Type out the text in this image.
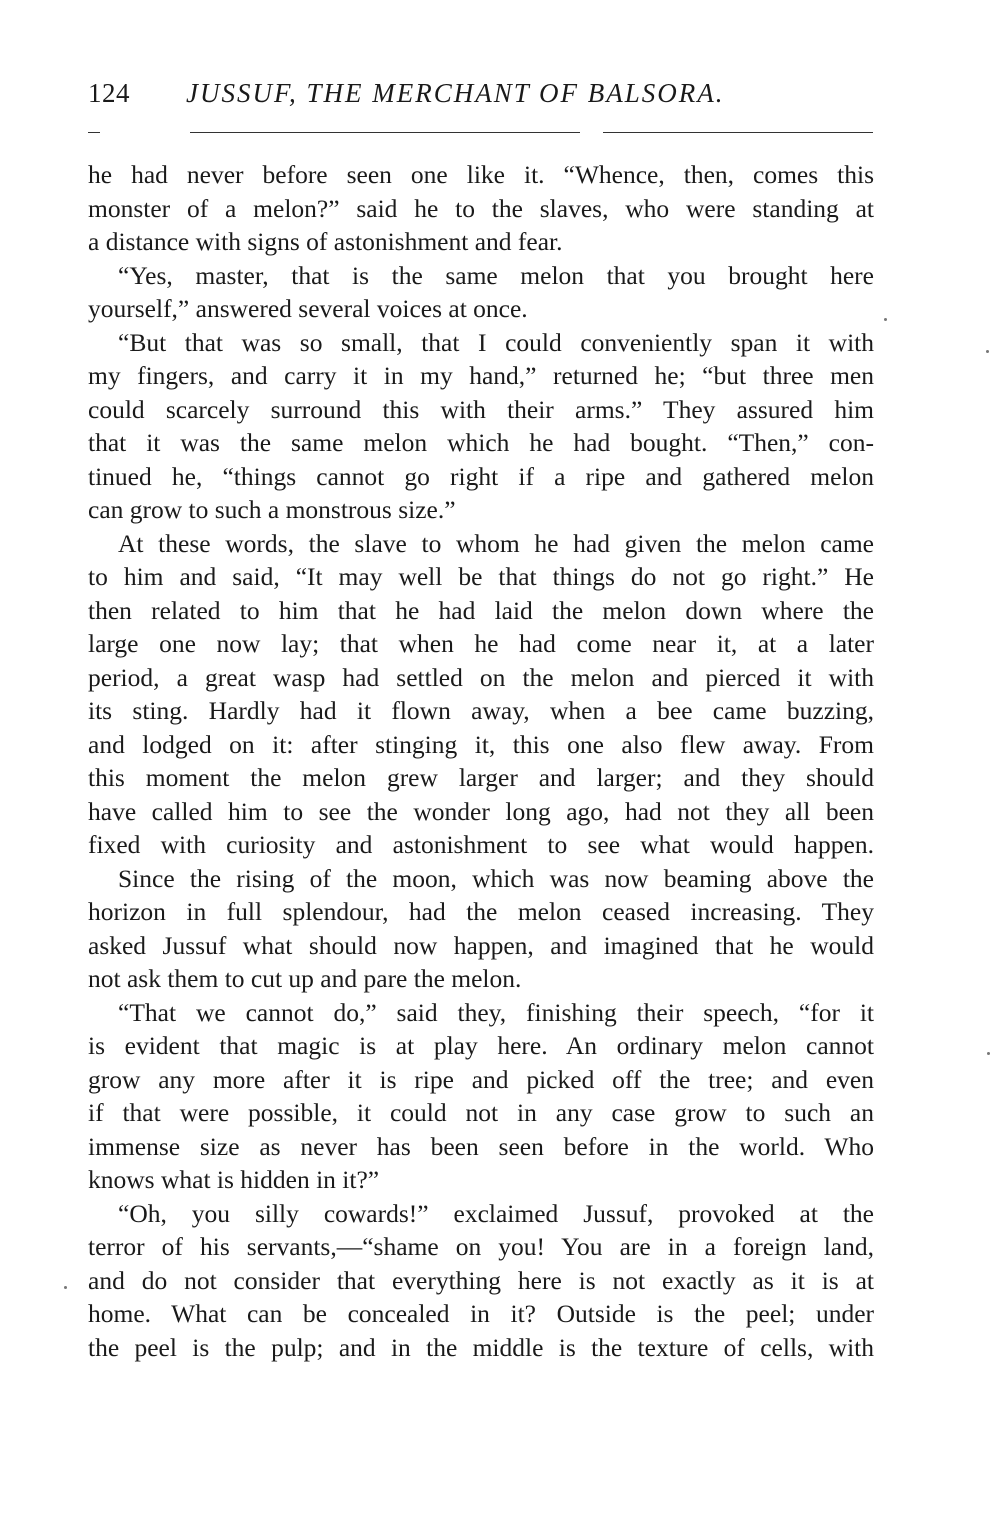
124 JUSSUF, THE MERCHANT OF BALSORA.
he had never before seen one like it. “Whence, then, comes this
monster of a melon?” said he to the slaves, who were standing at
a distance with signs of astonishment and fear.
“Yes, master, that is the same melon that you brought here
yourself,” answered several voices at once.
“But that was so small, that I could conveniently span it with
my fingers, and carry it in my hand,” returned he; “but three men
could scarcely surround this with their arms.” They assured him
that it was the same melon which he had bought. “Then,” con-
tinued he, “things cannot go right if a ripe and gathered melon
can grow to such a monstrous size.”
At these words, the slave to whom he had given the melon came
to him and said, “It may well be that things do not go right.” He
then related to him that he had laid the melon down where the
large one now lay; that when he had come near it, at a later
period, a great wasp had settled on the melon and pierced it with
its sting. Hardly had it flown away, when a bee came buzzing,
and lodged on it: after stinging it, this one also flew away. From
this moment the melon grew larger and larger; and they should
have called him to see the wonder long ago, had not they all been
fixed with curiosity and astonishment to see what would happen.
Since the rising of the moon, which was now beaming above the
horizon in full splendour, had the melon ceased increasing. They
asked Jussuf what should now happen, and imagined that he would
not ask them to cut up and pare the melon.
“That we cannot do,” said they, finishing their speech, “for it
is evident that magic is at play here. An ordinary melon cannot
grow any more after it is ripe and picked off the tree; and even
if that were possible, it could not in any case grow to such an
immense size as never has been seen before in the world. Who
knows what is hidden in it?”
“Oh, you silly cowards!” exclaimed Jussuf, provoked at the
terror of his servants,—“shame on you! You are in a foreign land,
and do not consider that everything here is not exactly as it is at
home. What can be concealed in it? Outside is the peel; under
the peel is the pulp; and in the middle is the texture of cells, with
